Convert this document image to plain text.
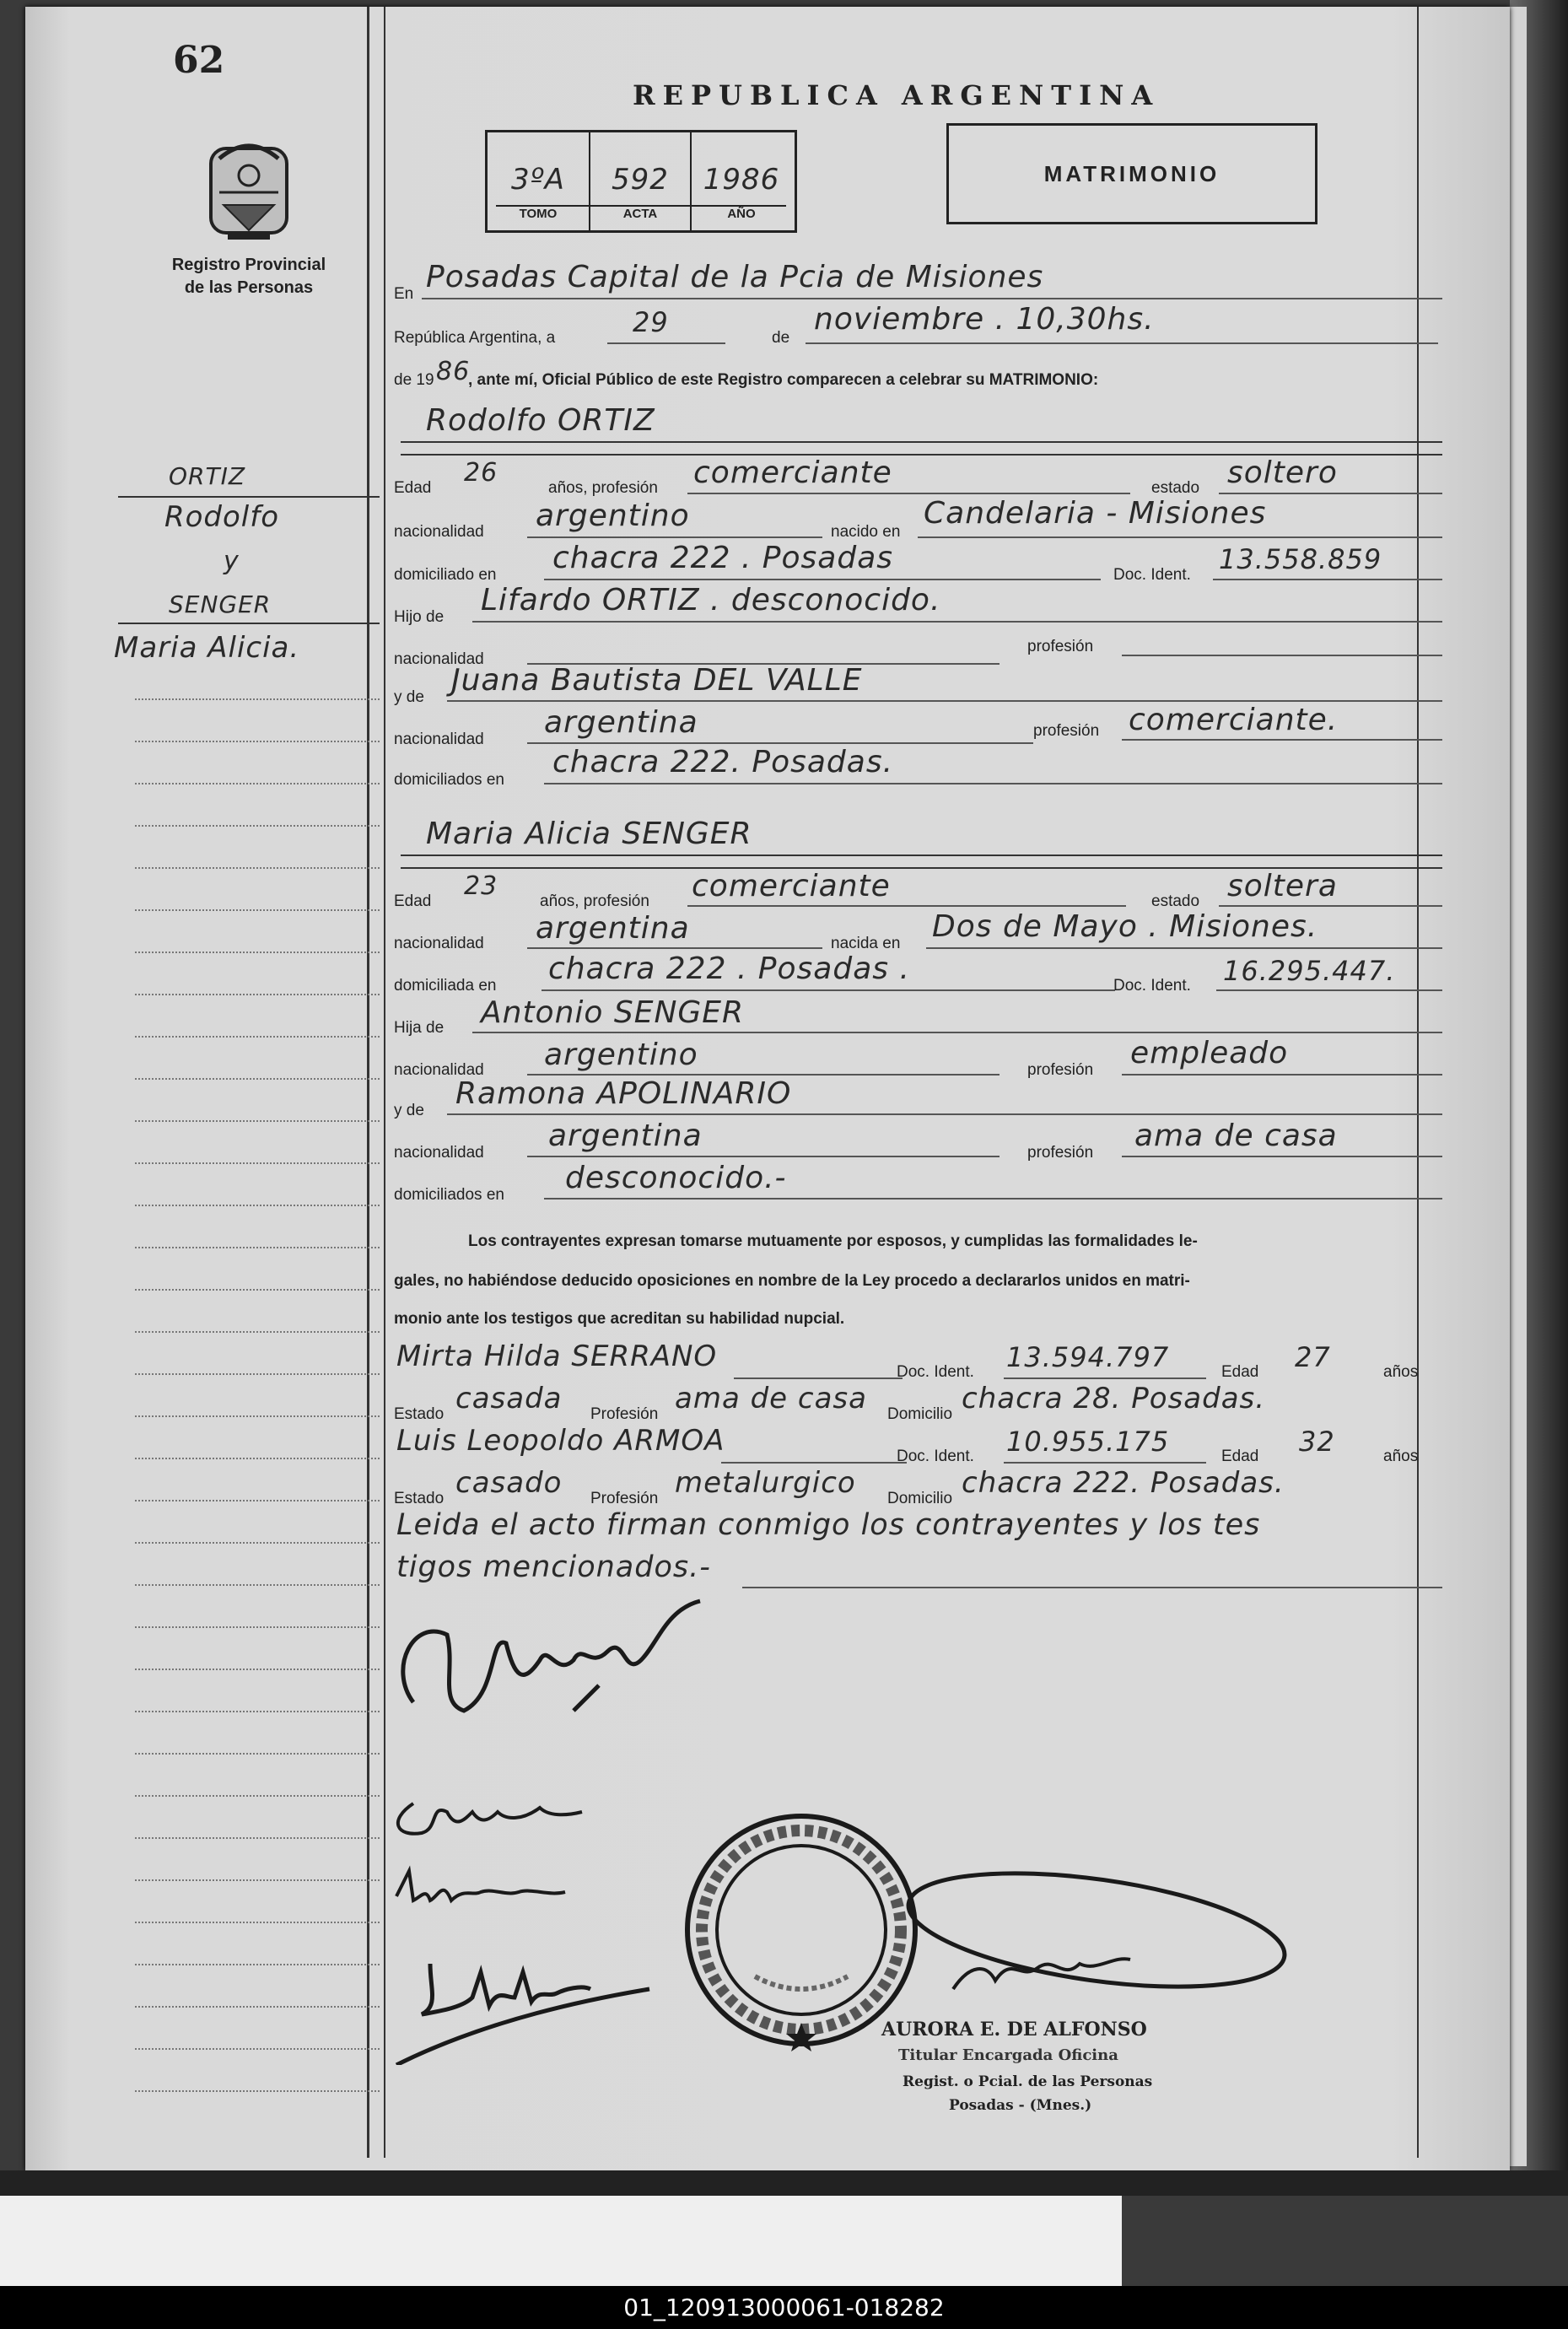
62
Registro Provincial
de las Personas
ORTIZ
Rodolfo
y
SENGER
Maria Alicia.
REPUBLICA ARGENTINA
3ºA	592	1986
TOMO	ACTA	AÑO
MATRIMONIO
En Posadas Capital de la Pcia de Misiones
República Argentina, a	29	de
noviembre . 10,30hs.
de 19 86
, ante mí, Oficial Público de este Registro comparecen a celebrar su MATRIMONIO:
Rodolfo ORTIZ
Edad
26
años, profesión comerciante	estado soltero
nacionalidad argentino	nacido en
Candelaria - Misiones
domiciliado en chacra 222 . Posadas	Doc. Ident. 13.558.859
Hijo de Lifardo ORTIZ . desconocido.
nacionalidad
profesión
y de Juana Bautista DEL VALLE
nacionalidad argentina	profesión comerciante.
domiciliados en
chacra 222. Posadas.
Maria Alicia SENGER
Edad
23
años, profesión comerciante	estado soltera
nacionalidad argentina	nacida en Dos de Mayo . Misiones.
domiciliada en chacra 222 . Posadas .	Doc. Ident. 16.295.447.
Hija de Antonio SENGER
nacionalidad argentino	profesión empleado
y de Ramona APOLINARIO
nacionalidad argentina	profesión ama de casa
domiciliados en desconocido.-
Los contrayentes expresan tomarse mutuamente por esposos, y cumplidas las formalidades le-
gales, no habiéndose deducido oposiciones en nombre de la Ley procedo a declararlos unidos en matri-
monio ante los testigos que acreditan su habilidad nupcial.
Mirta Hilda SERRANO	Doc. Ident. 13.594.797	Edad 27	años
Estado casada Profesión ama de casa Domicilio chacra 28. Posadas.
Luis Leopoldo ARMOA	Doc. Ident. 10.955.175	Edad 32	años
Estado casado Profesión metalurgico Domicilio chacra 222. Posadas.
Leida el acto firman conmigo los contrayentes y los tes
tigos mencionados.-
AURORA E. DE ALFONSO
Titular Encargada Oficina
Regist. o Pcial. de las Personas
Posadas - (Mnes.)
01_120913000061-018282
